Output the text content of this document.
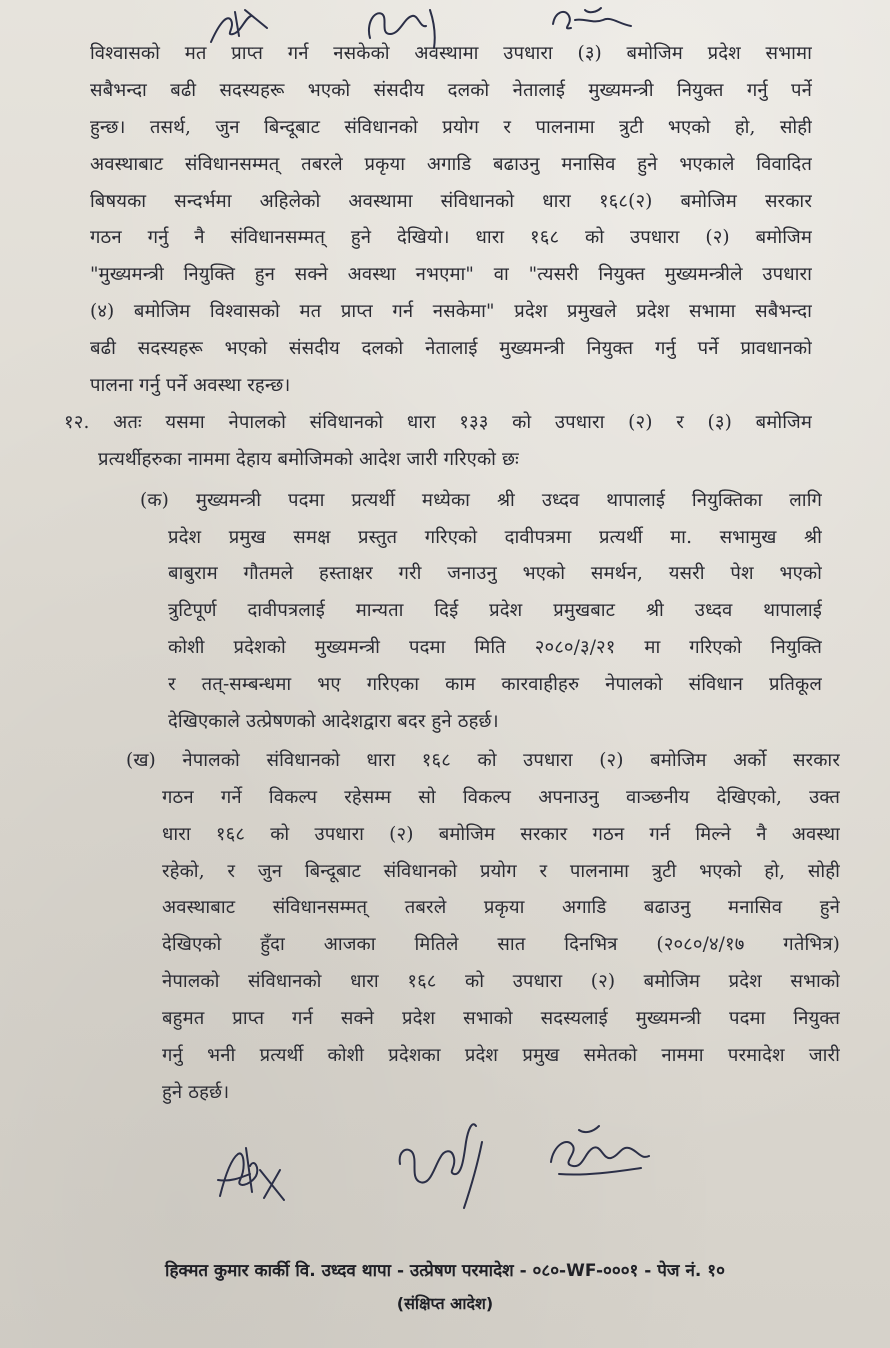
विश्वासको मत प्राप्त गर्न नसकेको अवस्थामा उपधारा (३) बमोजिम प्रदेश सभामा
सबैभन्दा बढी सदस्यहरू भएको संसदीय दलको नेतालाई मुख्यमन्त्री नियुक्त गर्नु पर्ने
हुन्छ। तसर्थ, जुन बिन्दूबाट संविधानको प्रयोग र पालनामा त्रुटी भएको हो, सोही
अवस्थाबाट संविधानसम्मत् तबरले प्रकृया अगाडि बढाउनु मनासिव हुने भएकाले विवादित
बिषयका सन्दर्भमा अहिलेको अवस्थामा संविधानको धारा १६८(२) बमोजिम सरकार
गठन गर्नु नै संविधानसम्मत् हुने देखियो। धारा १६८ को उपधारा (२) बमोजिम
"मुख्यमन्त्री नियुक्ति हुन सक्ने अवस्था नभएमा" वा "त्यसरी नियुक्त मुख्यमन्त्रीले उपधारा
(४) बमोजिम विश्वासको मत प्राप्त गर्न नसकेमा" प्रदेश प्रमुखले प्रदेश सभामा सबैभन्दा
बढी सदस्यहरू भएको संसदीय दलको नेतालाई मुख्यमन्त्री नियुक्त गर्नु पर्ने प्रावधानको
पालना गर्नु पर्ने अवस्था रहन्छ।
१२. अतः यसमा नेपालको संविधानको धारा १३३ को उपधारा (२) र (३) बमोजिम
प्रत्यर्थीहरुका नाममा देहाय बमोजिमको आदेश जारी गरिएको छः
(क) मुख्यमन्त्री पदमा प्रत्यर्थी मध्येका श्री उध्दव थापालाई नियुक्तिका लागि
प्रदेश प्रमुख समक्ष प्रस्तुत गरिएको दावीपत्रमा प्रत्यर्थी मा. सभामुख श्री
बाबुराम गौतमले हस्ताक्षर गरी जनाउनु भएको समर्थन, यसरी पेश भएको
त्रुटिपूर्ण दावीपत्रलाई मान्यता दिई प्रदेश प्रमुखबाट श्री उध्दव थापालाई
कोशी प्रदेशको मुख्यमन्त्री पदमा मिति २०८०/३/२१ मा गरिएको नियुक्ति
र तत्-सम्बन्धमा भए गरिएका काम कारवाहीहरु नेपालको संविधान प्रतिकूल
देखिएकाले उत्प्रेषणको आदेशद्वारा बदर हुने ठहर्छ।
(ख) नेपालको संविधानको धारा १६८ को उपधारा (२) बमोजिम अर्को सरकार
गठन गर्ने विकल्प रहेसम्म सो विकल्प अपनाउनु वाञ्छनीय देखिएको, उक्त
धारा १६८ को उपधारा (२) बमोजिम सरकार गठन गर्न मिल्ने नै अवस्था
रहेको, र जुन बिन्दूबाट संविधानको प्रयोग र पालनामा त्रुटी भएको हो, सोही
अवस्थाबाट संविधानसम्मत् तबरले प्रकृया अगाडि बढाउनु मनासिव हुने
देखिएको हुँदा आजका मितिले सात दिनभित्र (२०८०/४/१७ गतेभित्र)
नेपालको संविधानको धारा १६८ को उपधारा (२) बमोजिम प्रदेश सभाको
बहुमत प्राप्त गर्न सक्ने प्रदेश सभाको सदस्यलाई मुख्यमन्त्री पदमा नियुक्त
गर्नु भनी प्रत्यर्थी कोशी प्रदेशका प्रदेश प्रमुख समेतको नाममा परमादेश जारी
हुने ठहर्छ।
हिक्मत कुमार कार्की वि. उध्दव थापा - उत्प्रेषण परमादेश - ०८०-WF-०००१ - पेज नं. १०
(संक्षिप्त आदेश)
